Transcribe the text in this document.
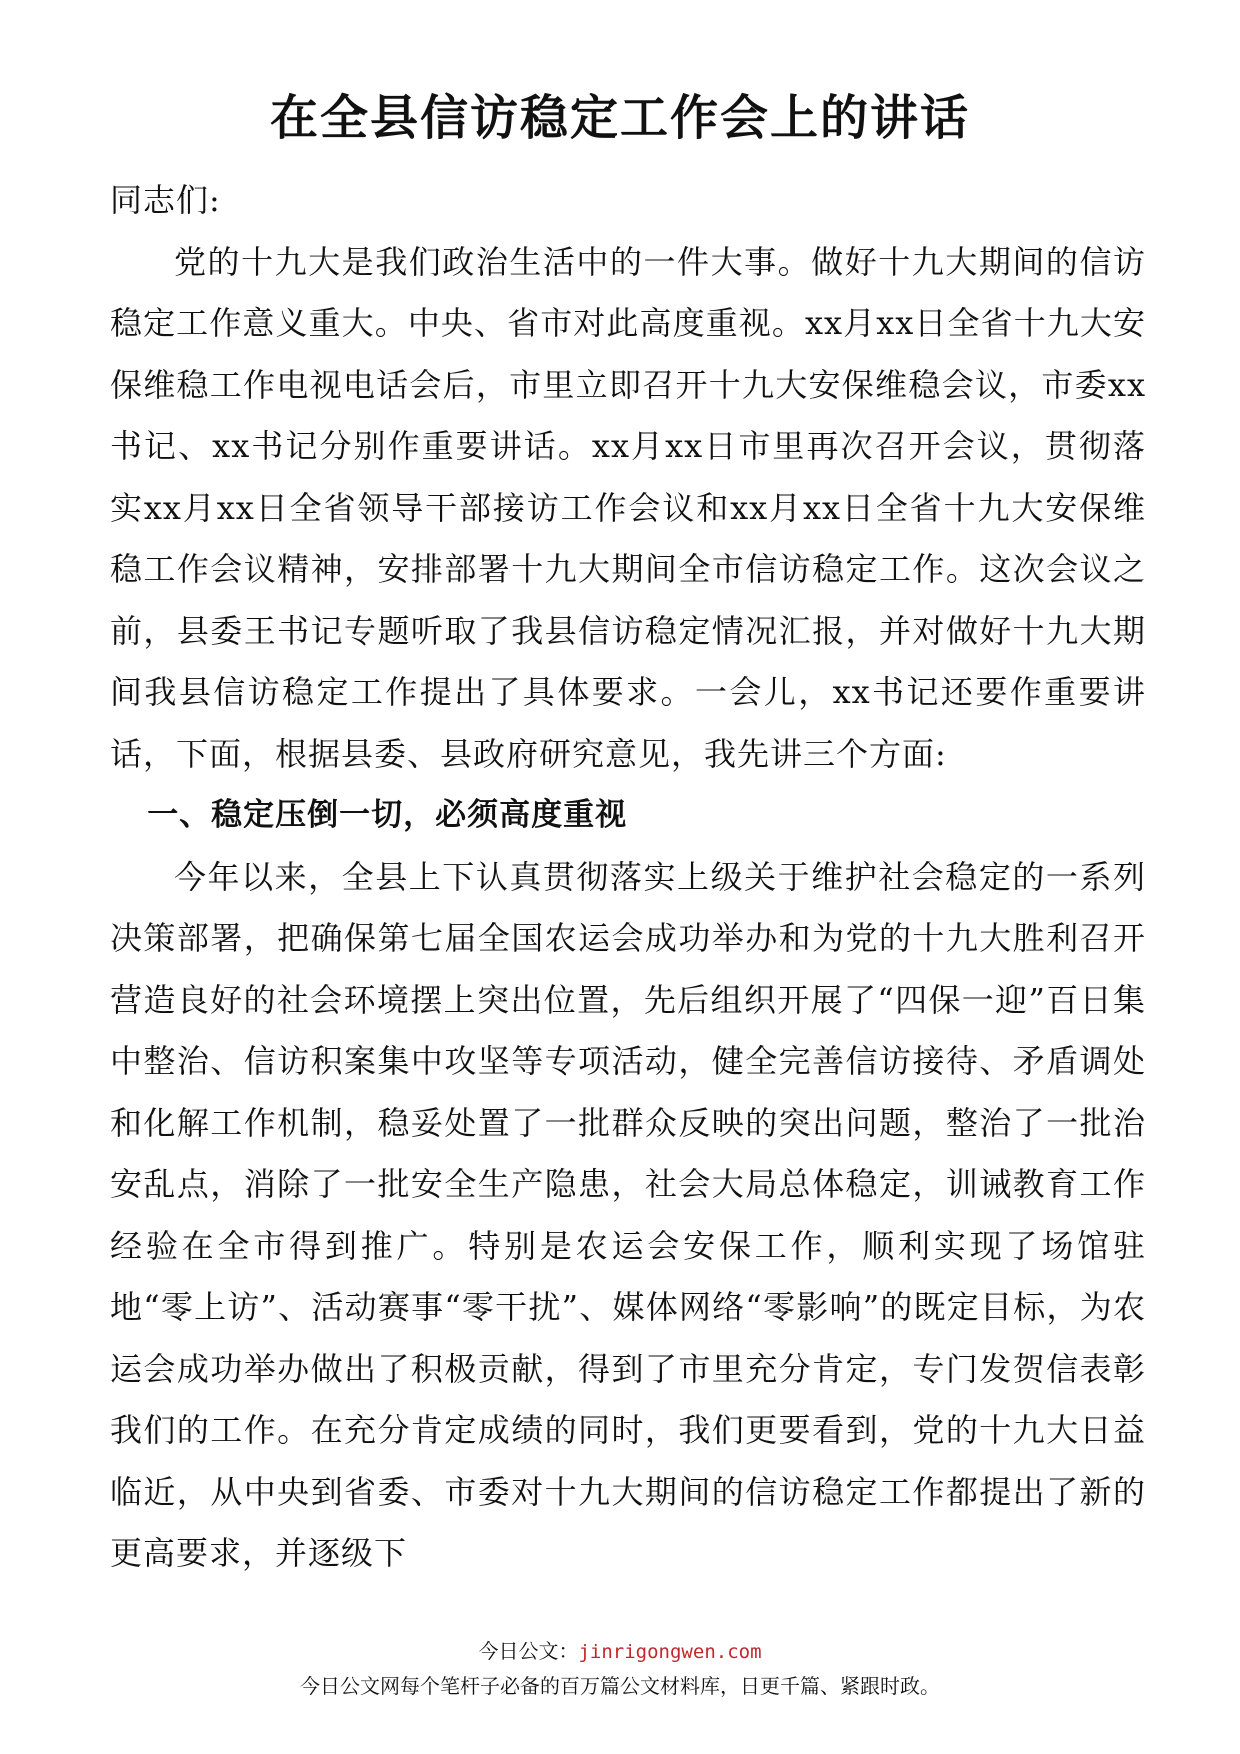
在全县信访稳定工作会上的讲话

同志们:

党的十九大是我们政治生活中的一件大事。做好十九大期间的信访稳定工作意义重大。中央、省市对此高度重视。xx月xx日全省十九大安保维稳工作电视电话会后，市里立即召开十九大安保维稳会议，市委xx书记、xx书记分别作重要讲话。xx月xx日市里再次召开会议，贯彻落实xx月xx日全省领导干部接访工作会议和xx月xx日全省十九大安保维稳工作会议精神，安排部署十九大期间全市信访稳定工作。这次会议之前，县委王书记专题听取了我县信访稳定情况汇报，并对做好十九大期间我县信访稳定工作提出了具体要求。一会儿，xx书记还要作重要讲话，下面，根据县委、县政府研究意见，我先讲三个方面:

一、稳定压倒一切，必须高度重视

今年以来，全县上下认真贯彻落实上级关于维护社会稳定的一系列决策部署，把确保第七届全国农运会成功举办和为党的十九大胜利召开营造良好的社会环境摆上突出位置，先后组织开展了“四保一迎”百日集中整治、信访积案集中攻坚等专项活动，健全完善信访接待、矛盾调处和化解工作机制，稳妥处置了一批群众反映的突出问题，整治了一批治安乱点，消除了一批安全生产隐患，社会大局总体稳定，训诫教育工作经验在全市得到推广。特别是农运会安保工作，顺利实现了场馆驻地“零上访”、活动赛事“零干扰”、媒体网络“零影响”的既定目标，为农运会成功举办做出了积极贡献，得到了市里充分肯定，专门发贺信表彰我们的工作。在充分肯定成绩的同时，我们更要看到，党的十九大日益临近，从中央到省委、市委对十九大期间的信访稳定工作都提出了新的更高要求，并逐级下

今日公文：jinrigongwen.com
今日公文网每个笔杆子必备的百万篇公文材料库，日更千篇、紧跟时政。
